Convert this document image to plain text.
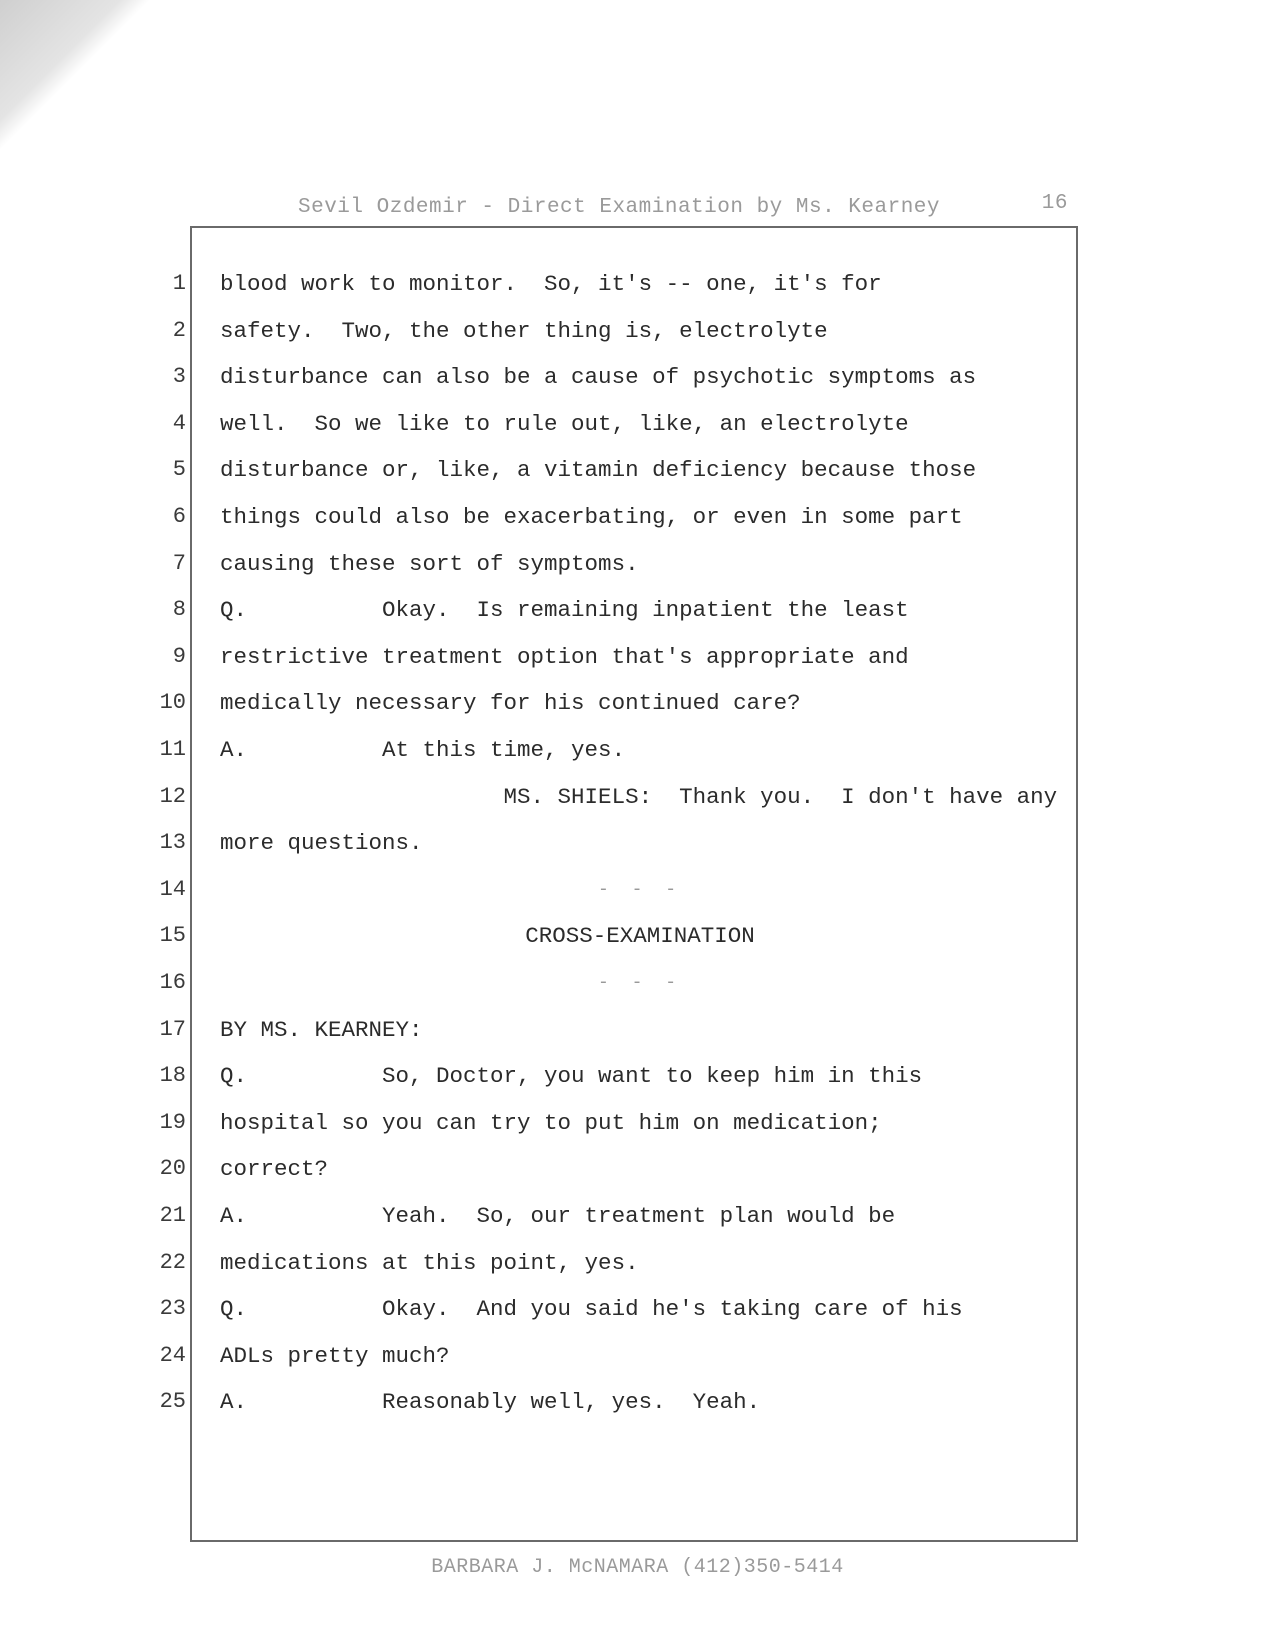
Sevil Ozdemir - Direct Examination by Ms. Kearney	16
1 blood work to monitor.  So, it's -- one, it's for
2 safety.  Two, the other thing is, electrolyte
3 disturbance can also be a cause of psychotic symptoms as
4 well.  So we like to rule out, like, an electrolyte
5 disturbance or, like, a vitamin deficiency because those
6 things could also be exacerbating, or even in some part
7 causing these sort of symptoms.
8 Q.          Okay.  Is remaining inpatient the least
9 restrictive treatment option that's appropriate and
10 medically necessary for his continued care?
11 A.          At this time, yes.
12 MS. SHIELS:  Thank you.  I don't have any
13 more questions.
14	- - -
15	CROSS-EXAMINATION
16	- - -
17 BY MS. KEARNEY:
18 Q.          So, Doctor, you want to keep him in this
19 hospital so you can try to put him on medication;
20 correct?
21 A.          Yeah.  So, our treatment plan would be
22 medications at this point, yes.
23 Q.          Okay.  And you said he's taking care of his
24 ADLs pretty much?
25 A.          Reasonably well, yes.  Yeah.
BARBARA J. McNAMARA (412)350-5414
